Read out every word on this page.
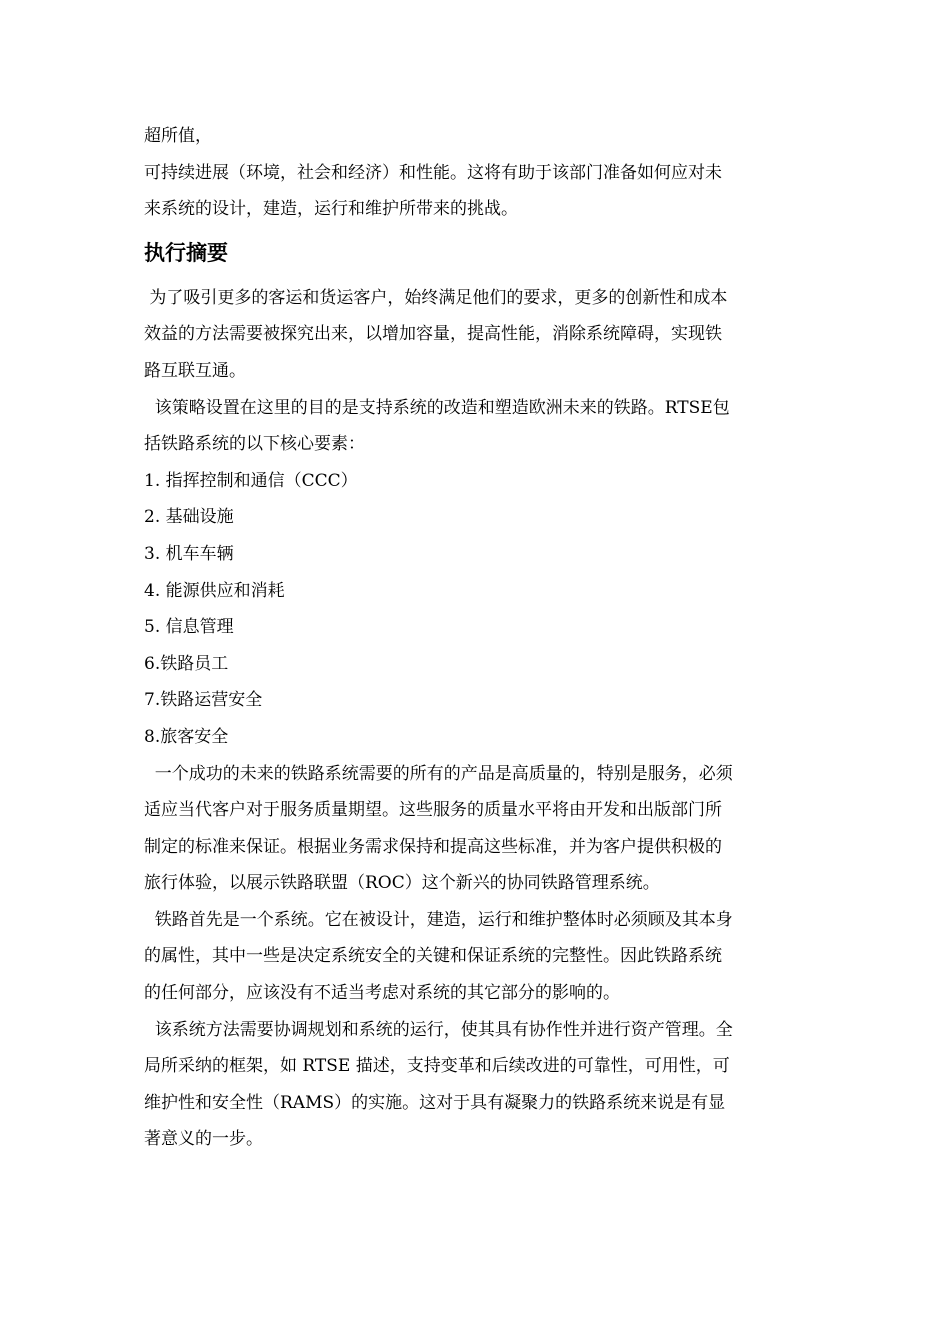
超所值，

可持续进展（环境，社会和经济）和性能。这将有助于该部门准备如何应对未

来系统的设计，建造，运行和维护所带来的挑战。

执行摘要

为了吸引更多的客运和货运客户，始终满足他们的要求，更多的创新性和成本

效益的方法需要被探究出来，以增加容量，提高性能，消除系统障碍，实现铁

路互联互通。

该策略设置在这里的目的是支持系统的改造和塑造欧洲未来的铁路。RTSE包

括铁路系统的以下核心要素：

1. 指挥控制和通信（CCC）

2. 基础设施

3. 机车车辆

4. 能源供应和消耗

5. 信息管理

6.铁路员工

7.铁路运营安全

8.旅客安全

一个成功的未来的铁路系统需要的所有的产品是高质量的，特别是服务，必须

适应当代客户对于服务质量期望。这些服务的质量水平将由开发和出版部门所

制定的标准来保证。根据业务需求保持和提高这些标准，并为客户提供积极的

旅行体验，以展示铁路联盟（ROC）这个新兴的协同铁路管理系统。

铁路首先是一个系统。它在被设计，建造，运行和维护整体时必须顾及其本身

的属性，其中一些是决定系统安全的关键和保证系统的完整性。因此铁路系统

的任何部分，应该没有不适当考虑对系统的其它部分的影响的。

该系统方法需要协调规划和系统的运行，使其具有协作性并进行资产管理。全

局所采纳的框架，如 RTSE 描述，支持变革和后续改进的可靠性，可用性，可

维护性和安全性（RAMS）的实施。这对于具有凝聚力的铁路系统来说是有显

著意义的一步。
